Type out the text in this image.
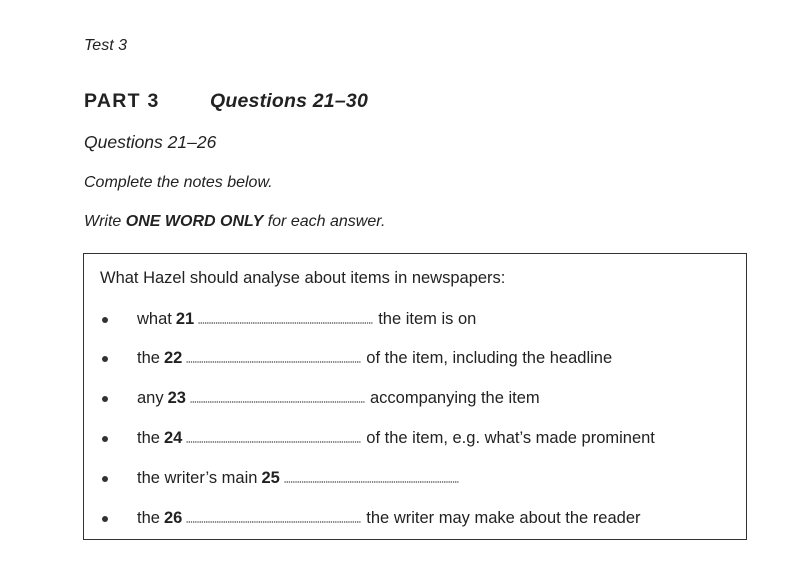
Test 3
PART 3	Questions 21–30
Questions 21–26
Complete the notes below.
Write ONE WORD ONLY for each answer.
What Hazel should analyse about items in newspapers:
what 21	the item is on
the 22	of the item, including the headline
any 23	accompanying the item
the 24	of the item, e.g. what’s made prominent
the writer’s main 25
the 26	the writer may make about the reader
